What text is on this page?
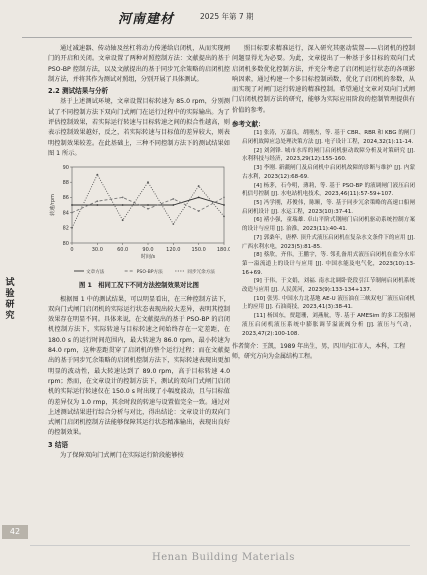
河南建材	2025 年第 7 期
试验研究

通过减速器、传动轴及丝杠将动力传递给启闭机，从而实现闸门的开启和关闭。文章设置了两种对照控制方法：文献提出的基于 PSO-BP 控制方法，以及文献提出的基于同步冗余策略的启闭机控制方法，并将其作为测试对照组，分别开展了具体测试。

2.2 测试结果与分析

基于上述测试环境，文章设置目标转速为 85.0 rpm，分别测试了不同控制方法下双向门式闸门在运行过程中的实际输出。为了评估控制效果，若实际运行转速与目标转速之间的拟合性越高，则表示控制效果越好，反之，若实际转速与目标值的差异较大，则表明控制效果较差。在此基础上，三种不同控制方法下的测试结果如图 1 所示。

80
82
84
86
88
90
0	30.0	60.0	90.0	120.0 150.0 180.0
时间/s
转速/rpm
文章方法	PSO-BP方法	同步冗余方法
图 1　相同工况下不同方法控制效果对比图

根据图 1 中的测试结果，可以明显看出，在三种控制方法下，双向门式闸门启闭机的实际运行状态表现出较大差异，表明其控制效果存在明显不同。具体来说，在文献提出的基于 PSO-BP 的启闭机控制方法下，实际转速与目标转速之间始终存在一定差距，在 180.0 s 的运行时间范围内，最大转速为 86.0 rpm，最小转速为 84.0 rpm，这种差距贯穿了启闭机的整个运行过程；而在文献提出的基于同步冗余策略的启闭机控制方法下，实际转速表现出更加明显的波动性，最大转速达到了 89.0 rpm，高于目标转速 4.0 rpm；然而，在文章设计的控制方法下，测试的双向门式闸门启闭机的实际运行转速仅在 150.0 s 时出现了小幅度波动，且与目标值的差异仅为 1.0 rmp，其余时段的转速与设置值完全一致。通过对上述测试结果进行综合分析与对比，得出结论：文章设计的双向门式闸门启闭机控制方法能够保障其运行状态精准输出，表现出良好的控制效果。

3 结语

为了保障双向门式闸门在实际运行阶段能够按

照目标要求精准运行，深入研究其驱动装置——启闭机的控制问题显得尤为必要。为此，文章提出了一种基于多目标的双向门式启闭机多数优化控制方法，并充分考虑了启闭机运行状态的各项影响因素，通过构建一个多目标控制函数，优化了启闭机的参数，从而实现了对闸门运行转速的精准控制。希望通过文章对双向门式闸门启闭机控制方法的研究，能够为实际应用阶段的控制管理提供有价值的参考。

参考文献：

[1] 张涛，万嘉良，胡刚杰，等. 基于 CBR、RBR 和 KBG 的闸门启闭机故障应急处理决策方法 [J]. 电子设计工程，2024,32(1):11-14.

[2] 刘剑锋. 城市水库的闸门启闭机驱动故障分析及对策研究 [J]. 水利科技与经济，2023,29(12):155-160.

[3] 李刚. 新疆闸门及启闭机中启闭机故障的诊断与维护 [J]. 内蒙古水利，2023(12):68-69.

[4] 杨茅，石今明，薄莉，等. 基于 PSO-BP 的液调闸门液压启闭机信号控制 [J]. 水电站机电技术，2023,46(11):57-59+107.

[5] 冯学刚，苏俊伟，陈顺，等. 基于同步冗余策略的高速口船闸启闭机设计 [J]. 水运工程，2023(10):37-41.

[6] 褚小强，童瑞雄. 卓山平阶式钢闸门启闭机驱动系统控制方案的设计与应用 [J]. 治淮，2023(11):40-41.

[7] 郭桑年，唐桦. 顶升式液压启闭机在复杂水文条件下的应用 [J]. 广西水利水电，2023(5):81-85.

[8] 蔡欣，齐伟，王鹏宇，等. 邻孔备用式液压启闭机在盐分水库第一溢流道上的设计与应用 [J]. 中国水能及电气化，2023(10):13-16+69.

[9] 于伟，于文娟，刘福. 南水北调卧瓷段引江节制闸启闭机系统改造与应用 [J]. 人民黄河，2023(9):133-134+137.

[10] 张男. 中国水力北基地 AE-U 液压油在三峡双电厂液压启闭机上的应用 [J]. 石油商技，2023,41(3):38-41.

[11] 杨国东，贾超珊，刘燕航，等. 基于 AMESim 的多工况船闸液压启闭机液压系统中膨胀调节溢流阀分析 [J]. 液压与气动，2023,47(2):100-108.

作者简介：王凯，1989 年出生，男，四川内江市人，本科，工程师，研究方向为金属结构工程。
42
Henan Building Materials
